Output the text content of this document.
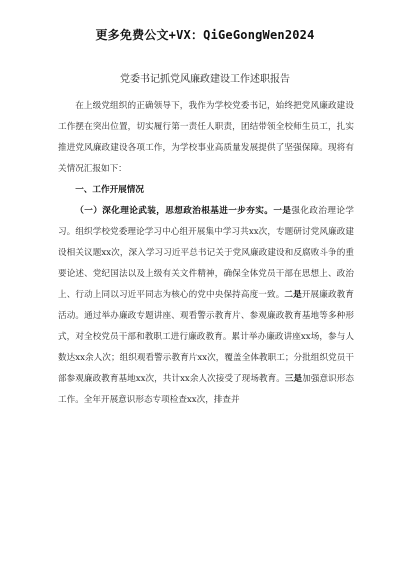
更多免费公文+VX：QiGeGongWen2024
党委书记抓党风廉政建设工作述职报告

在上级党组织的正确领导下，我作为学校党委书记，始终把党风廉政建设工作摆在突出位置，切实履行第一责任人职责，团结带领全校师生员工，扎实推进党风廉政建设各项工作，为学校事业高质量发展提供了坚强保障。现将有关情况汇报如下：

一、工作开展情况

（一）深化理论武装，思想政治根基进一步夯实。一是强化政治理论学习。组织学校党委理论学习中心组开展集中学习共xx次，专题研讨党风廉政建设相关议题xx次，深入学习习近平总书记关于党风廉政建设和反腐败斗争的重要论述、党纪国法以及上级有关文件精神，确保全体党员干部在思想上、政治上、行动上同以习近平同志为核心的党中央保持高度一致。二是开展廉政教育活动。通过举办廉政专题讲座、观看警示教育片、参观廉政教育基地等多种形式，对全校党员干部和教职工进行廉政教育。累计举办廉政讲座xx场，参与人数达xx余人次；组织观看警示教育片xx次，覆盖全体教职工；分批组织党员干部参观廉政教育基地xx次，共计xx余人次接受了现场教育。三是加强意识形态工作。全年开展意识形态专项检查xx次，排查并
